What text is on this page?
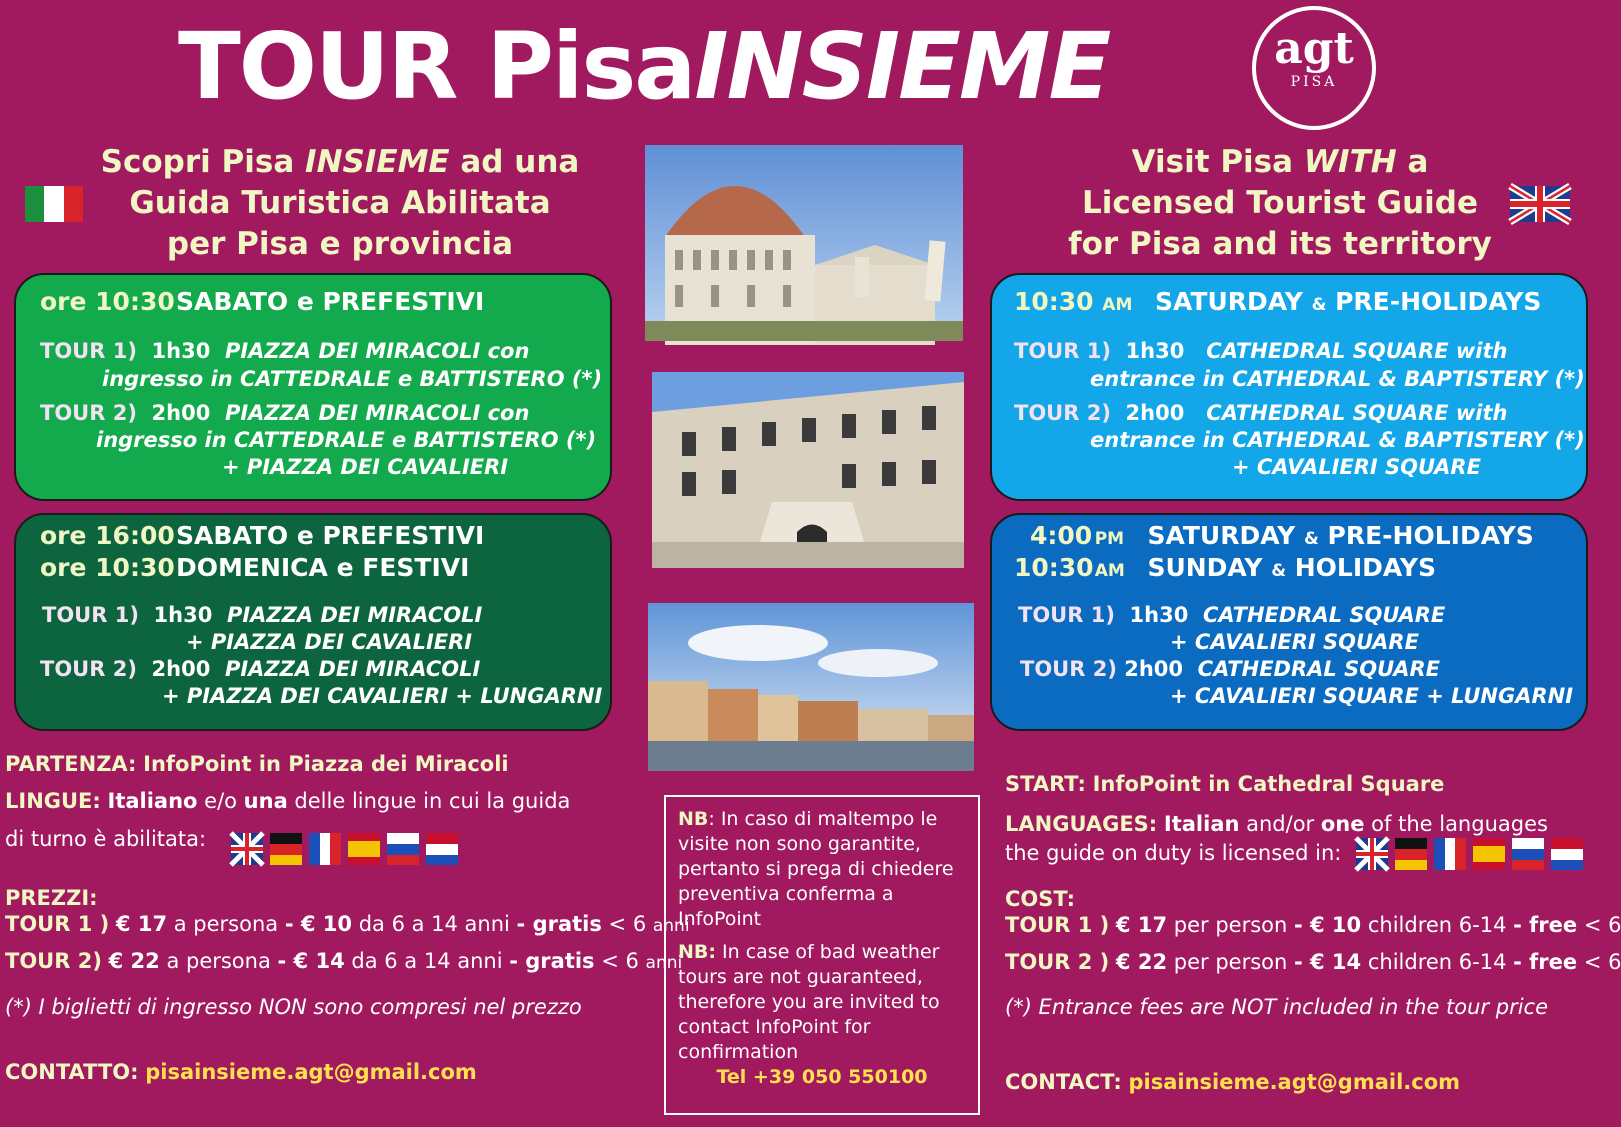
TOUR PisaINSIEME	agt
PISA
Scopri Pisa INSIEME ad una
Guida Turistica Abilitata
per Pisa e provincia
Visit Pisa WITH a
Licensed Tourist Guide
for Pisa and its territory
ore 10:30SABATO e PREFESTIVI
TOUR 1) 1h30 PIAZZA DEI MIRACOLI con
ingresso in CATTEDRALE e BATTISTERO (*)
TOUR 2) 2h00 PIAZZA DEI MIRACOLI con
ingresso in CATTEDRALE e BATTISTERO (*)
+ PIAZZA DEI CAVALIERI
ore 16:00SABATO e PREFESTIVI
ore 10:30DOMENICA e FESTIVI
TOUR 1) 1h30 PIAZZA DEI MIRACOLI
+ PIAZZA DEI CAVALIERI
TOUR 2) 2h00 PIAZZA DEI MIRACOLI
+ PIAZZA DEI CAVALIERI + LUNGARNI
10:30 AM SATURDAY & PRE-HOLIDAYS
TOUR 1) 1h30 CATHEDRAL SQUARE with
entrance in CATHEDRAL & BAPTISTERY (*)
TOUR 2) 2h00 CATHEDRAL SQUARE with
entrance in CATHEDRAL & BAPTISTERY (*)
+ CAVALIERI SQUARE
4:00 PM SATURDAY & PRE-HOLIDAYS
10:30 AM SUNDAY & HOLIDAYS
TOUR 1) 1h30 CATHEDRAL SQUARE
+ CAVALIERI SQUARE
TOUR 2) 2h00 CATHEDRAL SQUARE
+ CAVALIERI SQUARE + LUNGARNI
PARTENZA: InfoPoint in Piazza dei Miracoli
LINGUE: Italiano e/o una delle lingue in cui la guida
di turno è abilitata:
PREZZI:
TOUR 1 ) € 17 a persona - € 10 da 6 a 14 anni - gratis < 6 anni
TOUR 2) € 22 a persona - € 14 da 6 a 14 anni - gratis < 6 anni
(*) I biglietti di ingresso NON sono compresi nel prezzo
CONTATTO: pisainsieme.agt@gmail.com
NB: In caso di maltempo le visite non sono garantite, pertanto si prega di chiedere preventiva conferma a InfoPoint
NB: In case of bad weather tours are not guaranteed, therefore you are invited to contact InfoPoint for confirmation
Tel +39 050 550100
START: InfoPoint in Cathedral Square
LANGUAGES: Italian and/or one of the languages
the guide on duty is licensed in:
COST:
TOUR 1 ) € 17 per person - € 10 children 6-14 - free < 6
TOUR 2 ) € 22 per person - € 14 children 6-14 - free < 6
(*) Entrance fees are NOT included in the tour price
CONTACT: pisainsieme.agt@gmail.com
